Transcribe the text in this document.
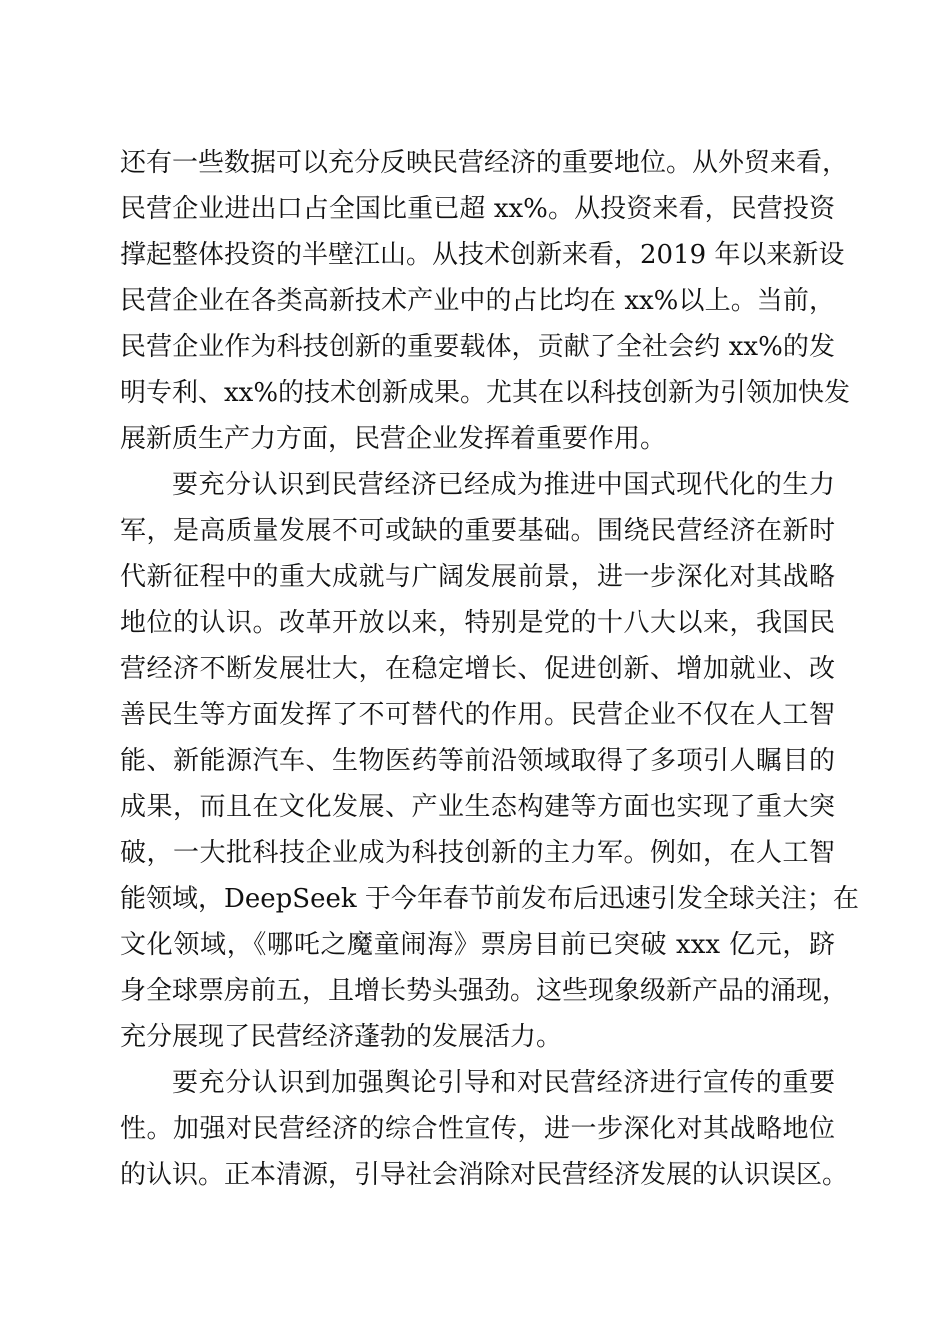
还有一些数据可以充分反映民营经济的重要地位。从外贸来看，
民营企业进出口占全国比重已超 xx%。从投资来看，民营投资
撑起整体投资的半壁江山。从技术创新来看，2019 年以来新设
民营企业在各类高新技术产业中的占比均在 xx%以上。当前，
民营企业作为科技创新的重要载体，贡献了全社会约 xx%的发
明专利、xx%的技术创新成果。尤其在以科技创新为引领加快发
展新质生产力方面，民营企业发挥着重要作用。
要充分认识到民营经济已经成为推进中国式现代化的生力
军，是高质量发展不可或缺的重要基础。围绕民营经济在新时
代新征程中的重大成就与广阔发展前景，进一步深化对其战略
地位的认识。改革开放以来，特别是党的十八大以来，我国民
营经济不断发展壮大，在稳定增长、促进创新、增加就业、改
善民生等方面发挥了不可替代的作用。民营企业不仅在人工智
能、新能源汽车、生物医药等前沿领域取得了多项引人瞩目的
成果，而且在文化发展、产业生态构建等方面也实现了重大突
破，一大批科技企业成为科技创新的主力军。例如，在人工智
能领域，DeepSeek 于今年春节前发布后迅速引发全球关注；在
文化领域，《哪吒之魔童闹海》票房目前已突破 xxx 亿元，跻
身全球票房前五，且增长势头强劲。这些现象级新产品的涌现，
充分展现了民营经济蓬勃的发展活力。
要充分认识到加强舆论引导和对民营经济进行宣传的重要
性。加强对民营经济的综合性宣传，进一步深化对其战略地位
的认识。正本清源，引导社会消除对民营经济发展的认识误区。
